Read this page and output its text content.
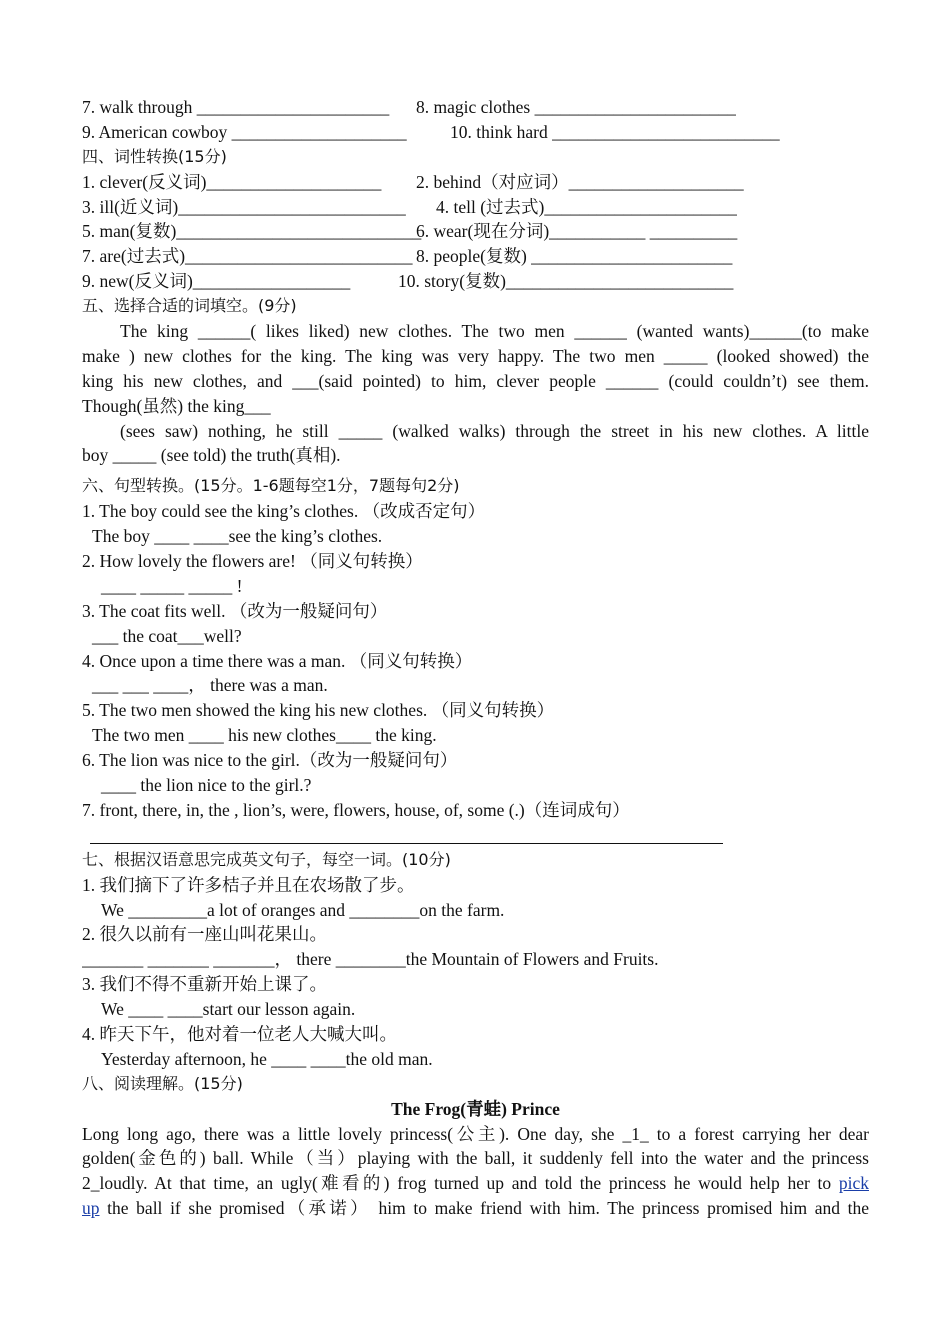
7. walk through ______________________ 8. magic clothes _______________________
9. American cowboy ____________________ 10. think hard __________________________
四、词性转换(15分)
1. clever(反义词)____________________ 2. behind（对应词）____________________
3. ill(近义词)__________________________ 4. tell (过去式)______________________
5. man(复数)____________________________6. wear(现在分词)___________ __________
7. are(过去式)__________________________ 8. people(复数) _______________________
9. new(反义词)__________________	10. story(复数)__________________________
五、选择合适的词填空。(9分)
The king ______( likes liked) new clothes. The two men ______ (wanted wants)______(to make
make ) new clothes for the king. The king was very happy. The two men _____ (looked showed) the
king his new clothes, and ___(said pointed) to him, clever people ______ (could couldn’t) see them.
Though(虽然) the king___
(sees saw) nothing, he still _____ (walked walks) through the street in his new clothes. A little
boy _____ (see told) the truth(真相).
六、句型转换。(15分。1-6题每空1分，7题每句2分)
1. The boy could see the king’s clothes. （改成否定句）
The boy ____ ____see the king’s clothes.
2. How lovely the flowers are! （同义句转换）
____ _____ _____ !
3. The coat fits well. （改为一般疑问句）
___ the coat___well?
4. Once upon a time there was a man. （同义句转换）
___ ___ ____， there was a man.
5. The two men showed the king his new clothes. （同义句转换）
The two men ____ his new clothes____ the king.
6. The lion was nice to the girl.（改为一般疑问句）
____ the lion nice to the girl.?
7. front, there, in, the , lion’s, were, flowers, house, of, some (.)（连词成句）
七、根据汉语意思完成英文句子，每空一词。(10分)
1. 我们摘下了许多桔子并且在农场散了步。
We _________a lot of oranges and ________on the farm.
2. 很久以前有一座山叫花果山。
_______ _______ _______， there ________the Mountain of Flowers and Fruits.
3. 我们不得不重新开始上课了。
We ____ ____start our lesson again.
4. 昨天下午，他对着一位老人大喊大叫。
Yesterday afternoon, he ____ ____the old man.
八、阅读理解。(15分)
The Frog(青蛙) Prince
Long long ago, there was a little lovely princess(公主). One day, she _1_ to a forest carrying her dear
golden(金色的) ball. While（当）playing with the ball, it suddenly fell into the water and the princess
2_loudly. At that time, an ugly(难看的) frog turned up and told the princess he would help her to pick
up the ball if she promised（承诺） him to make friend with him. The princess promised him and the
